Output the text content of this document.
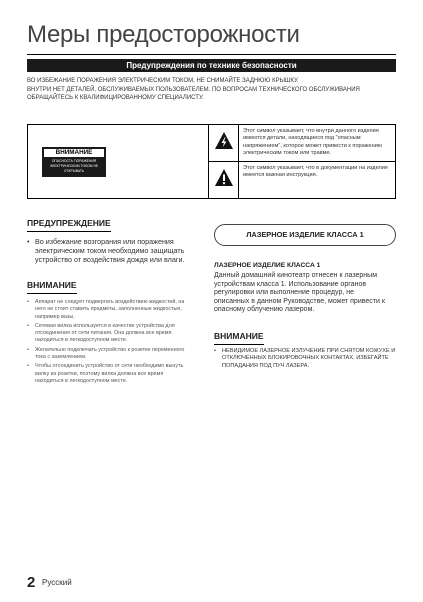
Меры предосторожности
Предупреждения по технике безопасности

ВО ИЗБЕЖАНИЕ ПОРАЖЕНИЯ ЭЛЕКТРИЧЕСКИМ ТОКОМ, НЕ СНИМАЙТЕ ЗАДНЮЮ КРЫШКУ.

ВНУТРИ НЕТ ДЕТАЛЕЙ, ОБСЛУЖИВАЕМЫХ ПОЛЬЗОВАТЕЛЕМ. ПО ВОПРОСАМ ТЕХНИЧЕСКОГО ОБСЛУЖИВАНИЯ ОБРАЩАЙТЕСЬ К КВАЛИФИЦИРОВАННОМУ СПЕЦИАЛИСТУ.

ВНИМАНИЕ
ОПАСНОСТЬ ПОРАЖЕНИЯ ЭЛЕКТРИЧЕСКИМ ТОКОМ НЕ ОТКРЫВАТЬ
Этот символ указывает, что внутри данного изделия имеются детали, находящиеся под "опасным напряжением", которое может привести к поражению электрическим током или травме.
Этот символ указывает, что в документации на изделие имеется важная инструкция.
ПРЕДУПРЕЖДЕНИЕ
• Во избежание возгорания или поражения электрическим током необходимо защищать устройство от воздействия дождя или влаги.
ВНИМАНИЕ
• Аппарат не следует подвергать воздействию жидкостей, на него не стоит ставить предметы, заполненные жидкостью, например вазы.
• Сетевая вилка используется в качестве устройства для отсоединения от сети питания. Она должна все время находиться в легкодоступном месте.
• Желательно подключать устройство к розетке переменного тока с заземлением.
• Чтобы отсоединить устройство от сети необходимо вынуть вилку из розетки, поэтому вилка должна все время находиться в легкодоступном месте.
ЛАЗЕРНОЕ ИЗДЕЛИЕ КЛАССА 1
ЛАЗЕРНОЕ ИЗДЕЛИЕ КЛАССА 1
Данный домашний кинотеатр отнесен к лазерным устройствам класса 1. Использование органов регулировки или выполнение процедур, не описанных в данном Руководстве, может привести к опасному облучению лазером.
ВНИМАНИЕ
• НЕВИДИМОЕ ЛАЗЕРНОЕ ИЗЛУЧЕНИЕ ПРИ СНЯТОМ КОЖУХЕ И ОТКЛЮЧЕННЫХ БЛОКИРОВОЧНЫХ КОНТАКТАХ. ИЗБЕГАЙТЕ ПОПАДАНИЯ ПОД ПУЧ ЛАЗЕРА.
2 Русский
